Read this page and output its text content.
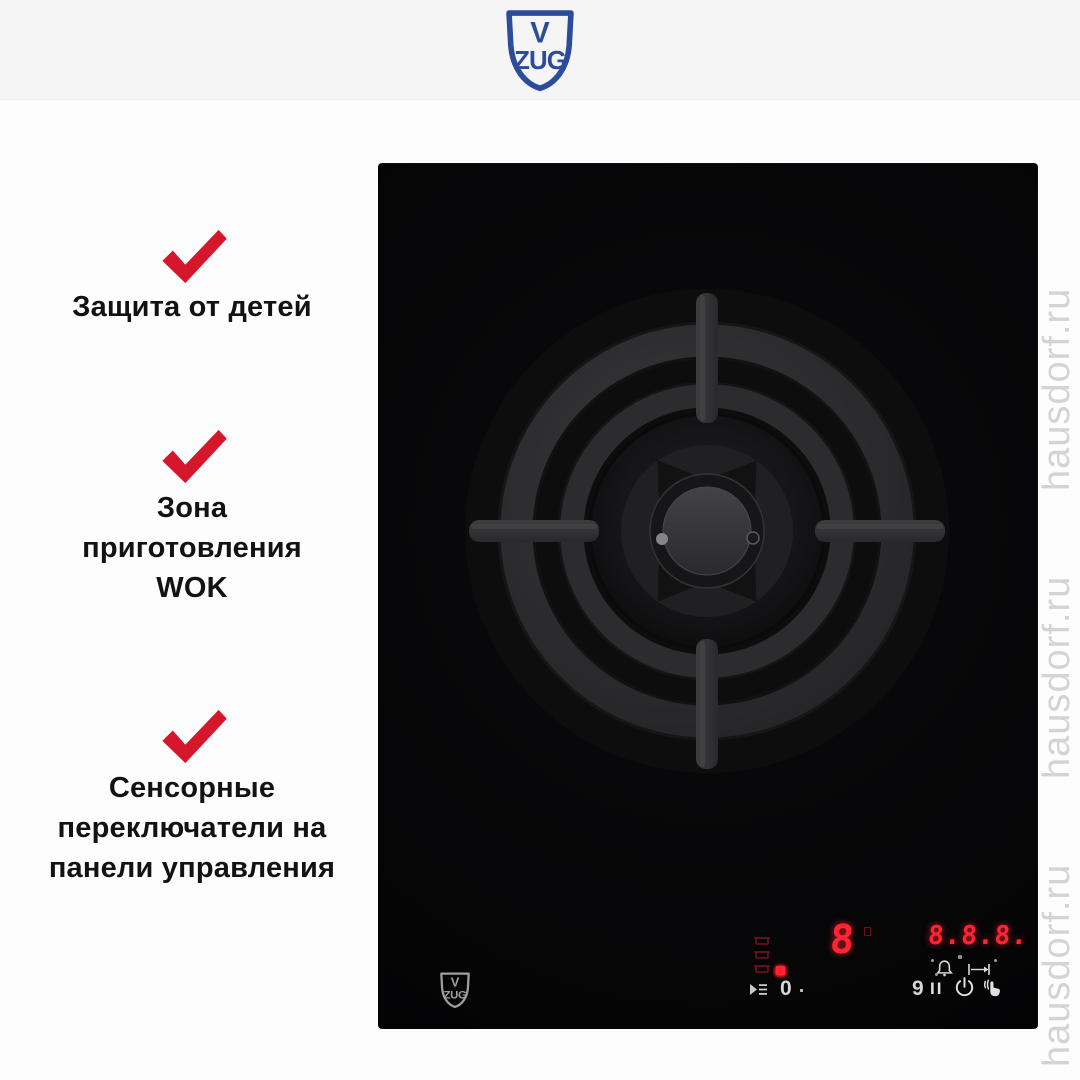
V
ZUG
Защита от детей
Зона
приготовления
WOK
Сенсорные
переключатели на
панели управления
V
ZUG
8	8.8.8.
0	9 II
hausdorf.ru
hausdorf.ru
hausdorf.ru
